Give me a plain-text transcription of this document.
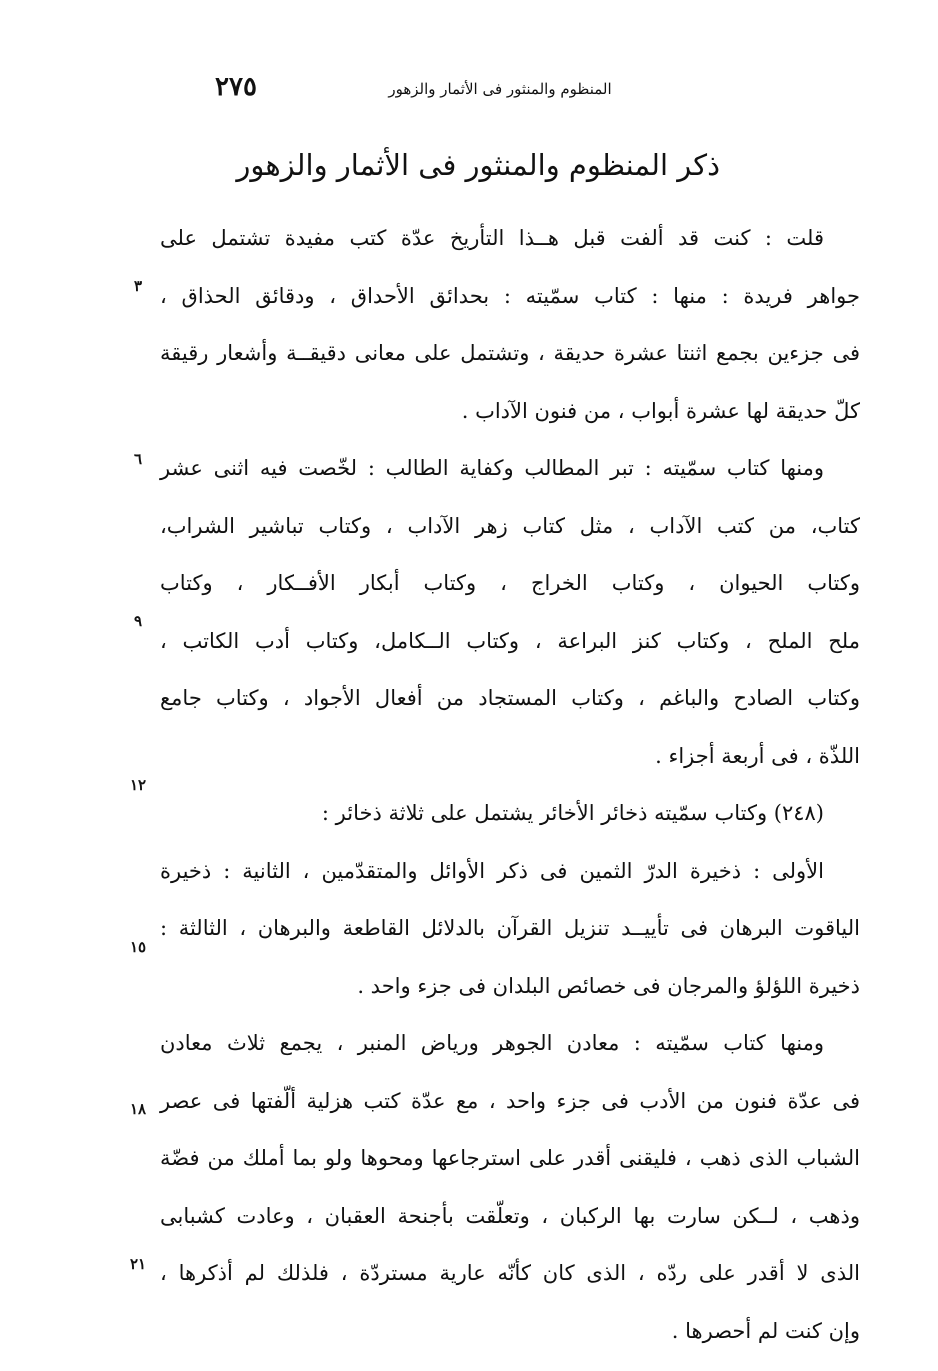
المنظوم والمنثور فى الأثمار والزهور
٢٧٥
ذكر المنظوم والمنثور فى الأثمار والزهور
قلت : كنت قد ألفت قبل هــذا التأريخ عدّة كتب مفيدة تشتمل على
جواهر فريدة : منها : كتاب سمّيته : بحدائق الأحداق ، ودقائق الحذاق ،
فى جزءين بجمع اثنتا عشرة حديقة ، وتشتمل على معانى دقيقــة وأشعار رقيقة
كلّ حديقة لها عشرة أبواب ، من فنون الآداب .
ومنها كتاب سمّيته : تبر المطالب وكفاية الطالب : لخّصت فيه اثنى عشر
كتاب، من كتب الآداب ، مثل كتاب زهر الآداب ، وكتاب تباشير الشراب،
وكتاب الحيوان ، وكتاب الخراج ، وكتاب أبكار الأفــكار ، وكتاب
ملح الملح ، وكتاب كنز البراعة ، وكتاب الــكامل، وكتاب أدب الكاتب ،
وكتاب الصادح والباغم ، وكتاب المستجاد من أفعال الأجواد ، وكتاب جامع
اللذّة ، فى أربعة أجزاء .
(٢٤٨) وكتاب سمّيته ذخائر الأخائر يشتمل على ثلاثة ذخائر :
الأولى : ذخيرة الدرّ الثمين فى ذكر الأوائل والمتقدّمين ، الثانية : ذخيرة
الياقوت البرهان فى تأييــد تنزيل القرآن بالدلائل القاطعة والبرهان ، الثالثة :
ذخيرة اللؤلؤ والمرجان فى خصائص البلدان فى جزء واحد .
ومنها كتاب سمّيته : معادن الجوهر ورياض المنبر ، يجمع ثلاث معادن
فى عدّة فنون من الأدب فى جزء واحد ، مع عدّة كتب هزلية ألّفتها فى عصر
الشباب الذى ذهب ، فليقنى أقدر على استرجاعها ومحوها ولو بما أملك من فضّة
وذهب ، لــكن سارت بها الركبان ، وتعلّقت بأجنحة العقبان ، وعادت كشبابى
الذى لا أقدر على ردّه ، الذى كان كأنّه عارية مستردّة ، فلذلك لم أذكرها ،
وإن كنت لم أحصرها .
٣
٦
٩
١٢
١٥
١٨
٢١
